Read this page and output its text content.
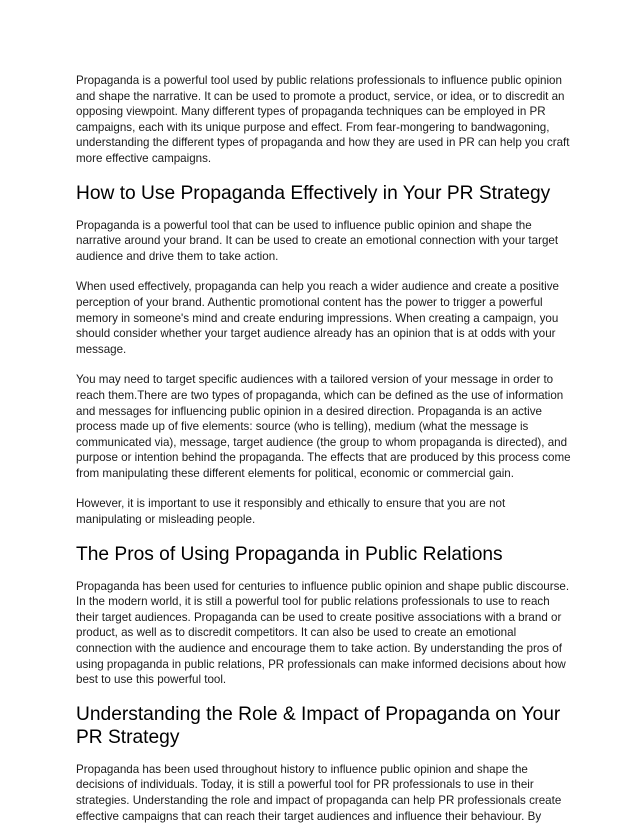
Propaganda is a powerful tool used by public relations professionals to influence public opinion and shape the narrative. It can be used to promote a product, service, or idea, or to discredit an opposing viewpoint. Many different types of propaganda techniques can be employed in PR campaigns, each with its unique purpose and effect. From fear-mongering to bandwagoning, understanding the different types of propaganda and how they are used in PR can help you craft more effective campaigns.

How to Use Propaganda Effectively in Your PR Strategy

Propaganda is a powerful tool that can be used to influence public opinion and shape the narrative around your brand. It can be used to create an emotional connection with your target audience and drive them to take action.

When used effectively, propaganda can help you reach a wider audience and create a positive perception of your brand. Authentic promotional content has the power to trigger a powerful memory in someone's mind and create enduring impressions. When creating a campaign, you should consider whether your target audience already has an opinion that is at odds with your message.

You may need to target specific audiences with a tailored version of your message in order to reach them.There are two types of propaganda, which can be defined as the use of information and messages for influencing public opinion in a desired direction. Propaganda is an active process made up of five elements: source (who is telling), medium (what the message is communicated via), message, target audience (the group to whom propaganda is directed), and purpose or intention behind the propaganda. The effects that are produced by this process come from manipulating these different elements for political, economic or commercial gain.

However, it is important to use it responsibly and ethically to ensure that you are not manipulating or misleading people.

The Pros of Using Propaganda in Public Relations

Propaganda has been used for centuries to influence public opinion and shape public discourse. In the modern world, it is still a powerful tool for public relations professionals to use to reach their target audiences. Propaganda can be used to create positive associations with a brand or product, as well as to discredit competitors. It can also be used to create an emotional connection with the audience and encourage them to take action. By understanding the pros of using propaganda in public relations, PR professionals can make informed decisions about how best to use this powerful tool.

Understanding the Role & Impact of Propaganda on Your PR Strategy

Propaganda has been used throughout history to influence public opinion and shape the decisions of individuals. Today, it is still a powerful tool for PR professionals to use in their strategies. Understanding the role and impact of propaganda can help PR professionals create effective campaigns that can reach their target audiences and influence their behaviour. By
